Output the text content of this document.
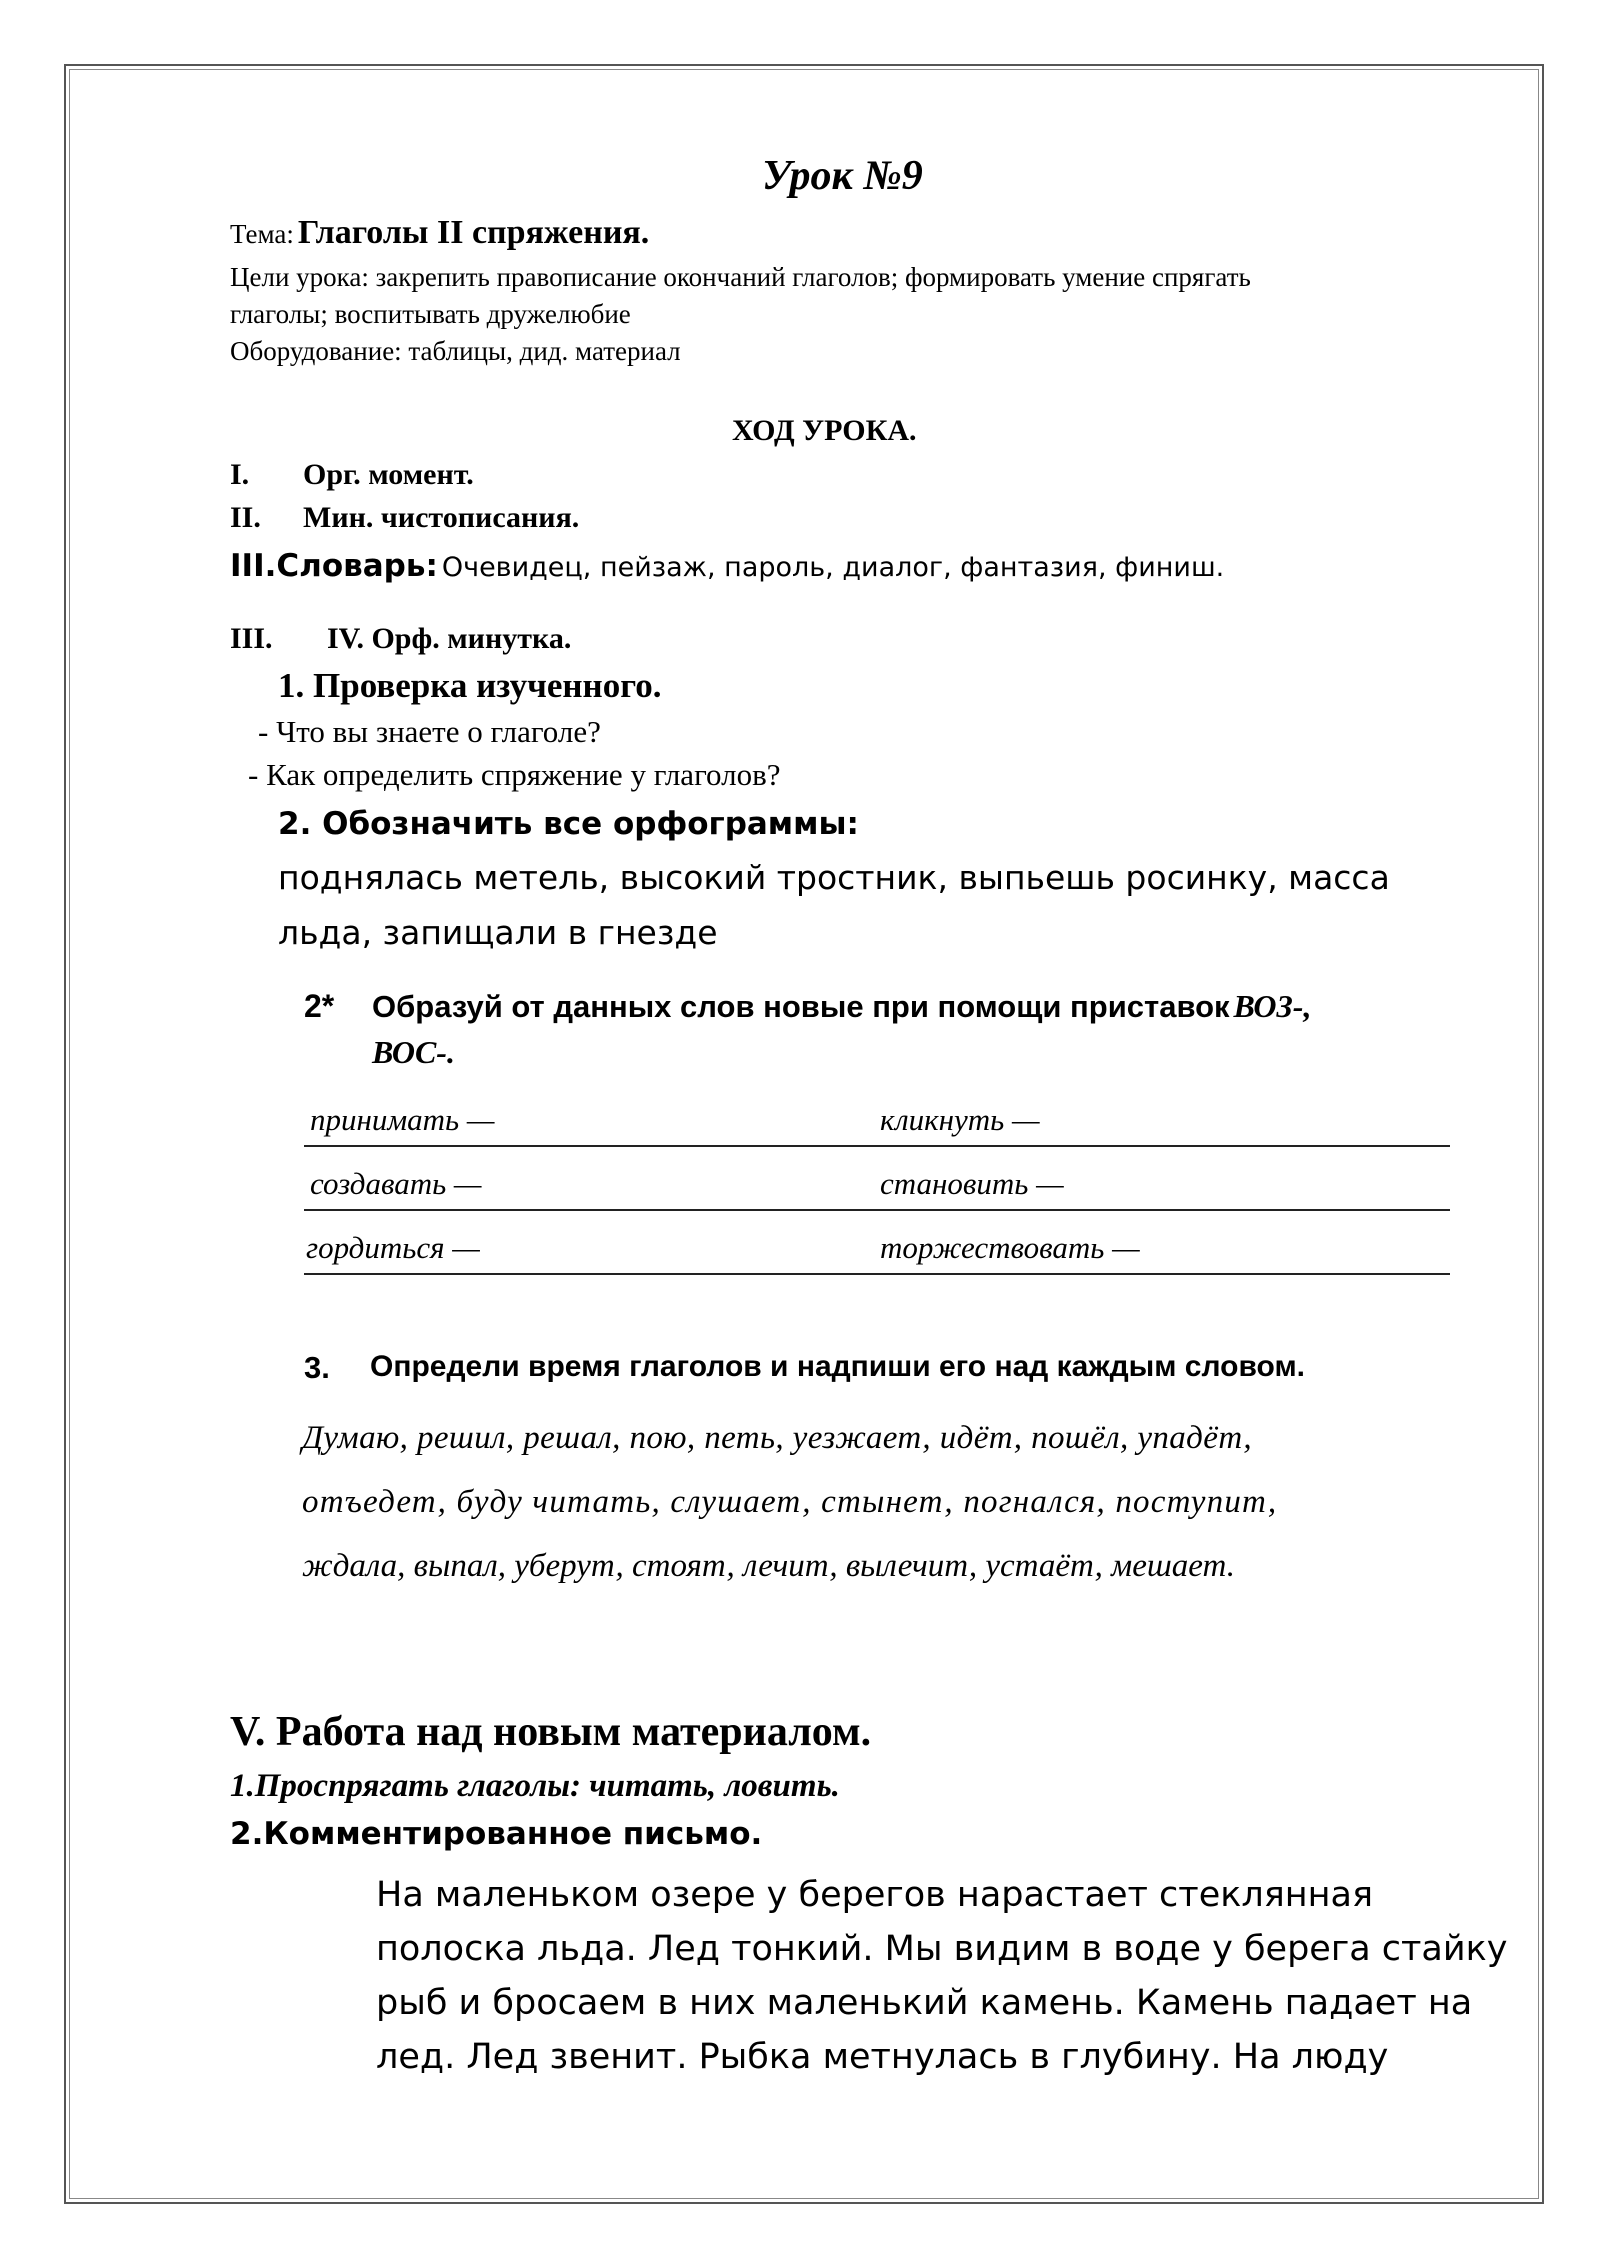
Урок №9
Тема: Глаголы II спряжения.
Цели урока: закрепить правописание окончаний глаголов; формировать умение спрягать
глаголы; воспитывать дружелюбие
Оборудование: таблицы, дид. материал
ХОД УРОКА.
I. Орг. момент.
II. Мин. чистописания.
III.Словарь: Очевидец, пейзаж, пароль, диалог, фантазия, финиш.
III. IV. Орф. минутка.
1. Проверка изученного.
- Что вы знаете о глаголе?
- Как определить спряжение у глаголов?
2. Обозначить все орфограммы:
поднялась метель, высокий тростник, выпьешь росинку, масса
льда, запищали в гнезде
2* Образуй от данных слов новые при помощи приставок ВОЗ-,
ВОС-.
принимать —	кликнуть —
создавать —	становить —
гордиться —	торжествовать —
3. Определи время глаголов и надпиши его над каждым словом.
Думаю, решил, решал, пою, петь, уезжает, идёт, пошёл, упадёт,
отъедет, буду читать, слушает, стынет, погнался, поступит,
ждала, выпал, уберут, стоят, лечит, вылечит, устаёт, мешает.
V. Работа над новым материалом.
1.Проспрягать глаголы: читать, ловить.
2.Комментированное письмо.
На маленьком озере у берегов нарастает стеклянная
полоска льда. Лед тонкий. Мы видим в воде у берега стайку
рыб и бросаем в них маленький камень. Камень падает на
лед. Лед звенит. Рыбка метнулась в глубину. На люду
